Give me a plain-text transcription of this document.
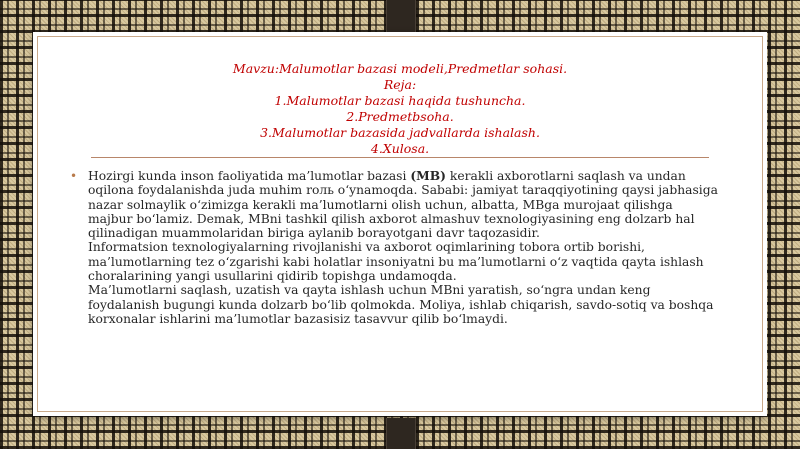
Mavzu:Malumotlar bazasi modeli,Predmetlar sohasi.
Reja:
1.Malumotlar bazasi haqida tushuncha.
2.Predmetbsoha.
3.Malumotlar bazasida jadvallarda ishalash.
4.Xulosa.
• Hozirgi kunda inson faoliyatida ma’lumotlar bazasi (MB) kerakli axborotlarni saqlash va undan oqilona foydalanishda juda muhim roль o‘ynamoqda. Sababi: jamiyat taraqqiyotining qaysi jabhasiga nazar solmaylik o‘zimizga kerakli ma’lumotlarni olish uchun, albatta, MBga murojaat qilishga majbur bo‘lamiz. Demak, MBni tashkil qilish axborot almashuv texnologiyasining eng dolzarb hal qilinadigan muammolaridan biriga aylanib borayotgani davr taqozasidir.

Informatsion texnologiyalarning rivojlanishi va axborot oqimlarining tobora ortib borishi, ma’lumotlarning tez o‘zgarishi kabi holatlar insoniyatni bu ma’lumotlarni o‘z vaqtida qayta ishlash choralarining yangi usullarini qidirib topishga undamoqda.

Ma’lumotlarni saqlash, uzatish va qayta ishlash uchun MBni yaratish, so‘ngra undan keng foydalanish bugungi kunda dolzarb bo‘lib qolmokda. Moliya, ishlab chiqarish, savdo-sotiq va boshqa korxonalar ishlarini ma’lumotlar bazasisiz tasavvur qilib bo‘lmaydi.
